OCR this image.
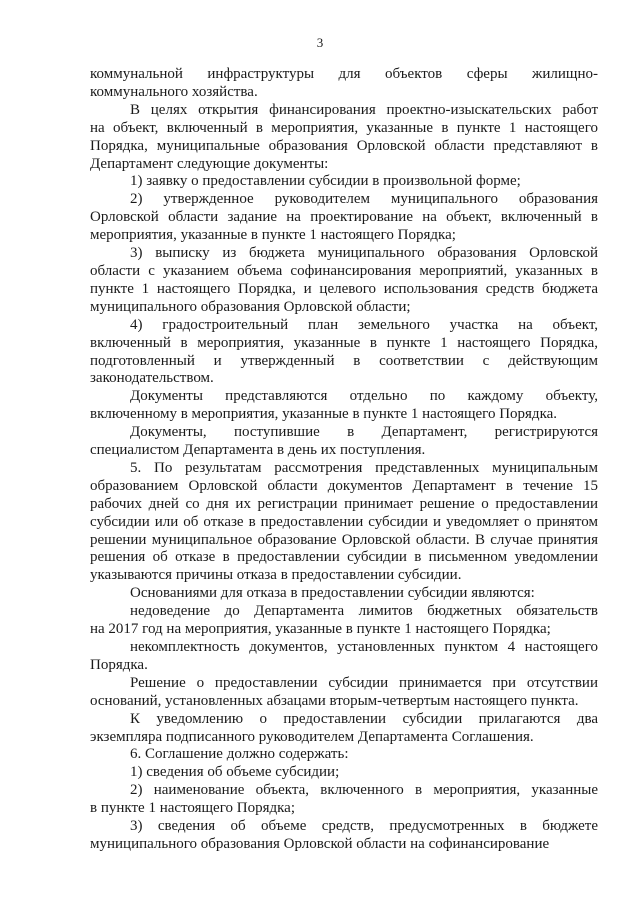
3
коммунальной инфраструктуры для объектов сферы жилищно-
коммунального хозяйства.
В целях открытия финансирования проектно-изыскательских работ
на объект, включенный в мероприятия, указанные в пункте 1 настоящего Порядка, муниципальные образования Орловской области представляют в Департамент следующие документы:
1) заявку о предоставлении субсидии в произвольной форме;
2) утвержденное руководителем муниципального образования
Орловской области задание на проектирование на объект, включенный в мероприятия, указанные в пункте 1 настоящего Порядка;
3) выписку из бюджета муниципального образования Орловской
области с указанием объема софинансирования мероприятий, указанных в пункте 1 настоящего Порядка, и целевого использования средств бюджета муниципального образования Орловской области;
4) градостроительный план земельного участка на объект,
включенный в мероприятия, указанные в пункте 1 настоящего Порядка, подготовленный и утвержденный в соответствии с действующим законодательством.
Документы представляются отдельно по каждому объекту,
включенному в мероприятия, указанные в пункте 1 настоящего Порядка.
Документы, поступившие в Департамент, регистрируются
специалистом Департамента в день их поступления.
5. По результатам рассмотрения представленных муниципальным
образованием Орловской области документов Департамент в течение 15 рабочих дней со дня их регистрации принимает решение о предоставлении субсидии или об отказе в предоставлении субсидии и уведомляет о принятом решении муниципальное образование Орловской области. В случае принятия решения об отказе в предоставлении субсидии в письменном уведомлении указываются причины отказа в предоставлении субсидии.
Основаниями для отказа в предоставлении субсидии являются:
недоведение до Департамента лимитов бюджетных обязательств
на 2017 год на мероприятия, указанные в пункте 1 настоящего Порядка;
некомплектность документов, установленных пунктом 4 настоящего
Порядка.
Решение о предоставлении субсидии принимается при отсутствии
оснований, установленных абзацами вторым-четвертым настоящего пункта.
К уведомлению о предоставлении субсидии прилагаются два
экземпляра подписанного руководителем Департамента Соглашения.
6. Соглашение должно содержать:
1) сведения об объеме субсидии;
2) наименование объекта, включенного в мероприятия, указанные
в пункте 1 настоящего Порядка;
3) сведения об объеме средств, предусмотренных в бюджете
муниципального образования Орловской области на софинансирование
